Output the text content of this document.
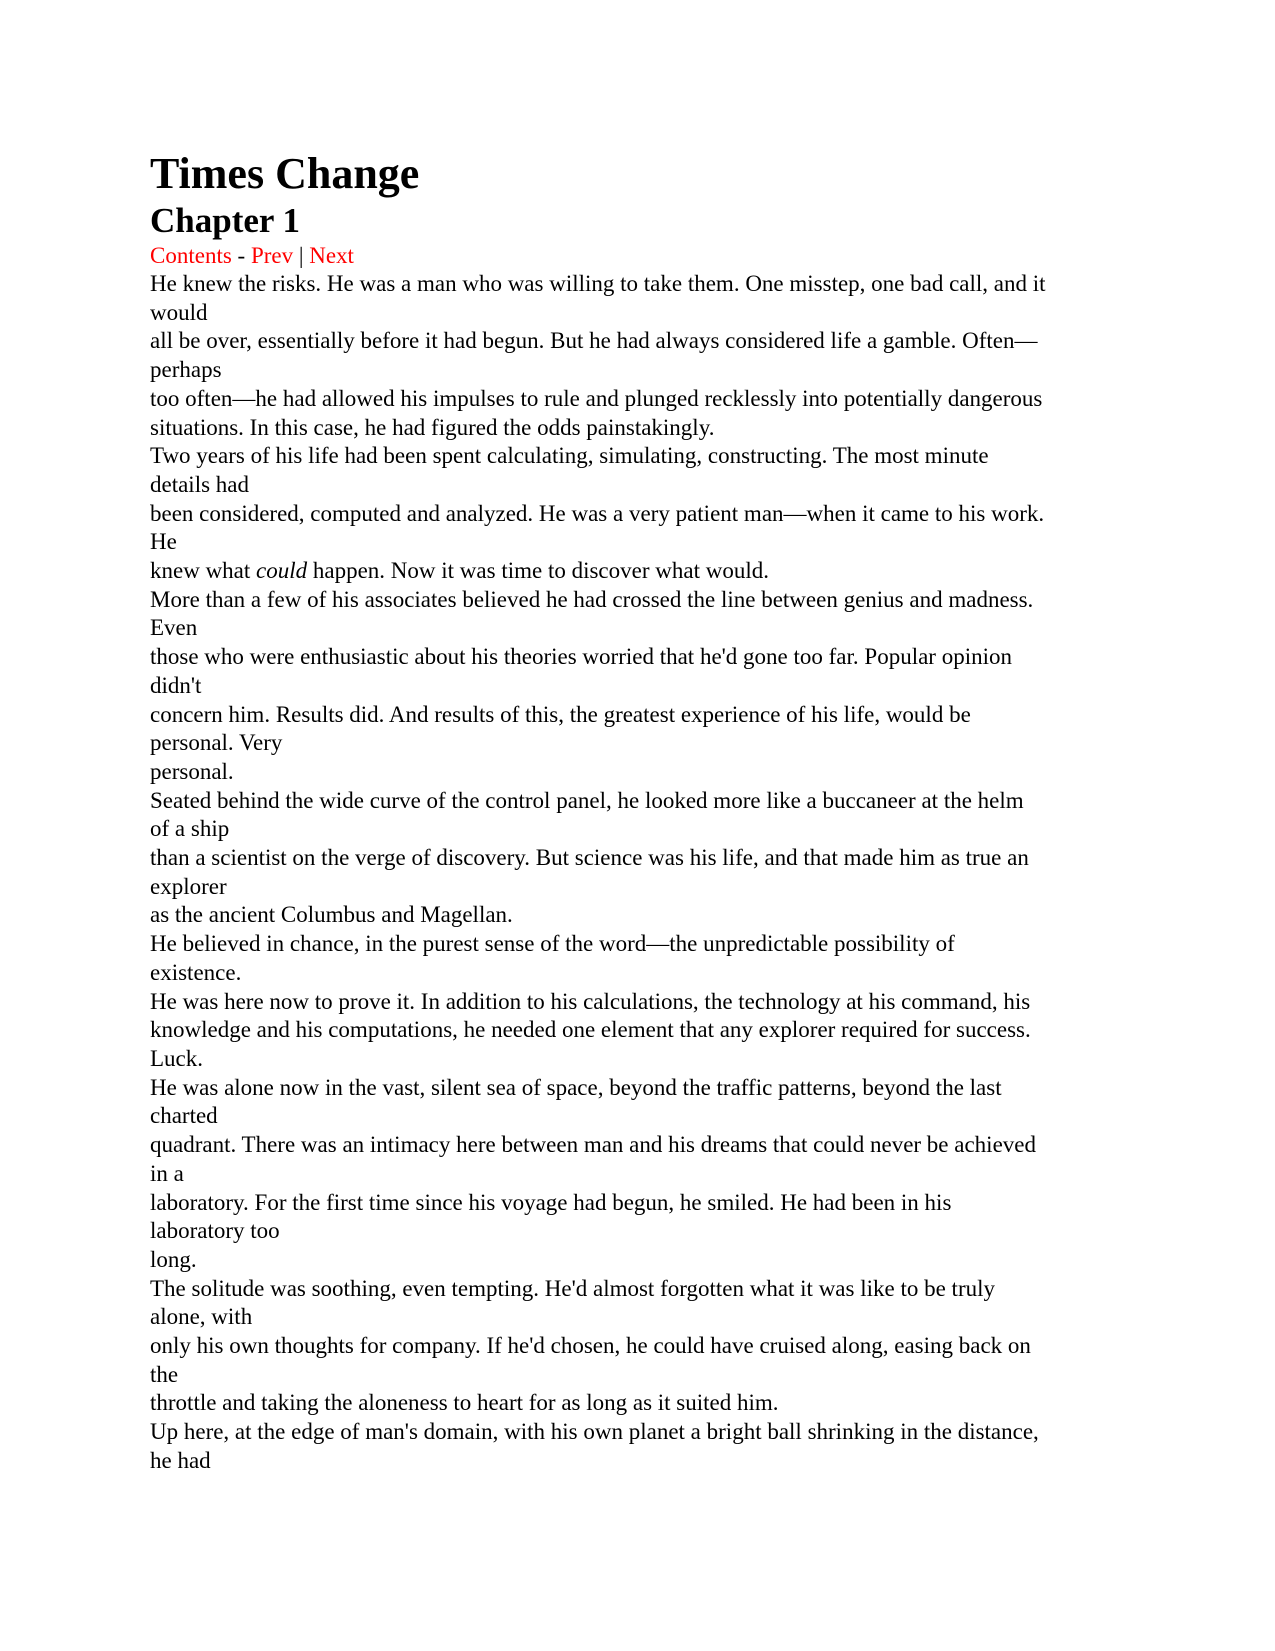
Times Change
Chapter 1
Contents - Prev | Next
He knew the risks. He was a man who was willing to take them. One misstep, one bad call, and it
would
all be over, essentially before it had begun. But he had always considered life a gamble. Often—
perhaps
too often—he had allowed his impulses to rule and plunged recklessly into potentially dangerous
situations. In this case, he had figured the odds painstakingly.
Two years of his life had been spent calculating, simulating, constructing. The most minute
details had
been considered, computed and analyzed. He was a very patient man—when it came to his work.
He
knew what could happen. Now it was time to discover what would.
More than a few of his associates believed he had crossed the line between genius and madness.
Even
those who were enthusiastic about his theories worried that he'd gone too far. Popular opinion
didn't
concern him. Results did. And results of this, the greatest experience of his life, would be
personal. Very
personal.
Seated behind the wide curve of the control panel, he looked more like a buccaneer at the helm
of a ship
than a scientist on the verge of discovery. But science was his life, and that made him as true an
explorer
as the ancient Columbus and Magellan.
He believed in chance, in the purest sense of the word—the unpredictable possibility of
existence.
He was here now to prove it. In addition to his calculations, the technology at his command, his
knowledge and his computations, he needed one element that any explorer required for success.
Luck.
He was alone now in the vast, silent sea of space, beyond the traffic patterns, beyond the last
charted
quadrant. There was an intimacy here between man and his dreams that could never be achieved
in a
laboratory. For the first time since his voyage had begun, he smiled. He had been in his
laboratory too
long.
The solitude was soothing, even tempting. He'd almost forgotten what it was like to be truly
alone, with
only his own thoughts for company. If he'd chosen, he could have cruised along, easing back on
the
throttle and taking the aloneness to heart for as long as it suited him.
Up here, at the edge of man's domain, with his own planet a bright ball shrinking in the distance,
he had
